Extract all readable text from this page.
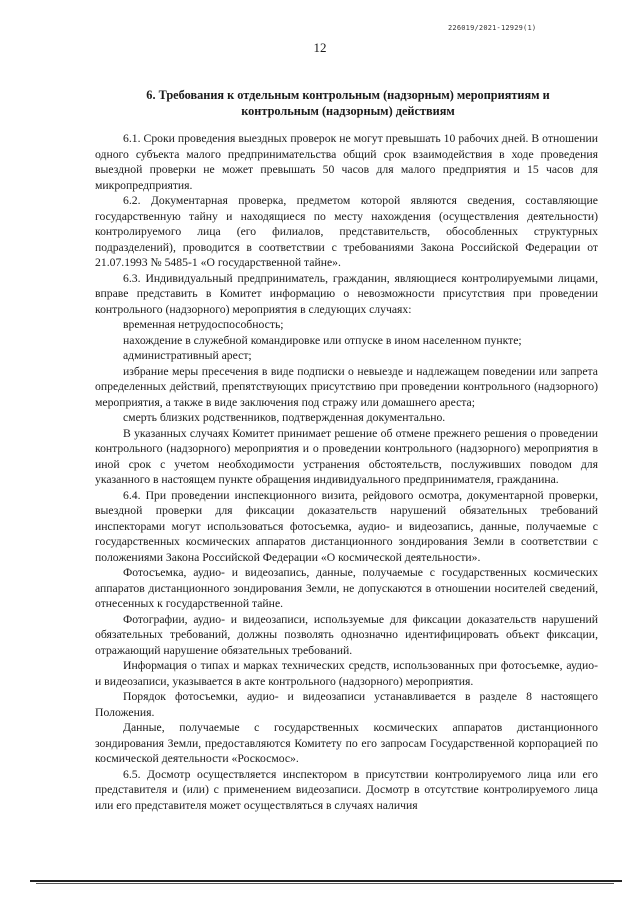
226019/2021-12929(1)
12
6. Требования к отдельным контрольным (надзорным) мероприятиям и
контрольным (надзорным) действиям

6.1. Сроки проведения выездных проверок не могут превышать 10 рабочих дней. В отношении одного субъекта малого предпринимательства общий срок взаимодействия в ходе проведения выездной проверки не может превышать 50 часов для малого предприятия и 15 часов для микропредприятия.

6.2. Документарная проверка, предметом которой являются сведения, составляющие государственную тайну и находящиеся по месту нахождения (осуществления деятельности) контролируемого лица (его филиалов, представительств, обособленных структурных подразделений), проводится в соответствии с требованиями Закона Российской Федерации от 21.07.1993 № 5485-1 «О государственной тайне».

6.3. Индивидуальный предприниматель, гражданин, являющиеся контролируемыми лицами, вправе представить в Комитет информацию о невозможности присутствия при проведении контрольного (надзорного) мероприятия в следующих случаях:

временная нетрудоспособность;

нахождение в служебной командировке или отпуске в ином населенном пункте;

административный арест;

избрание меры пресечения в виде подписки о невыезде и надлежащем поведении или запрета определенных действий, препятствующих присутствию при проведении контрольного (надзорного) мероприятия, а также в виде заключения под стражу или домашнего ареста;

смерть близких родственников, подтвержденная документально.

В указанных случаях Комитет принимает решение об отмене прежнего решения о проведении контрольного (надзорного) мероприятия и о проведении контрольного (надзорного) мероприятия в иной срок с учетом необходимости устранения обстоятельств, послуживших поводом для указанного в настоящем пункте обращения индивидуального предпринимателя, гражданина.

6.4. При проведении инспекционного визита, рейдового осмотра, документарной проверки, выездной проверки для фиксации доказательств нарушений обязательных требований инспекторами могут использоваться фотосъемка, аудио- и видеозапись, данные, получаемые с государственных космических аппаратов дистанционного зондирования Земли в соответствии с положениями Закона Российской Федерации «О космической деятельности».

Фотосъемка, аудио- и видеозапись, данные, получаемые с государственных космических аппаратов дистанционного зондирования Земли, не допускаются в отношении носителей сведений, отнесенных к государственной тайне.

Фотографии, аудио- и видеозаписи, используемые для фиксации доказательств нарушений обязательных требований, должны позволять однозначно идентифицировать объект фиксации, отражающий нарушение обязательных требований.

Информация о типах и марках технических средств, использованных при фотосъемке, аудио- и видеозаписи, указывается в акте контрольного (надзорного) мероприятия.

Порядок фотосъемки, аудио- и видеозаписи устанавливается в разделе 8 настоящего Положения.

Данные, получаемые с государственных космических аппаратов дистанционного зондирования Земли, предоставляются Комитету по его запросам Государственной корпорацией по космической деятельности «Роскосмос».

6.5. Досмотр осуществляется инспектором в присутствии контролируемого лица или его представителя и (или) с применением видеозаписи. Досмотр в отсутствие контролируемого лица или его представителя может осуществляться в случаях наличия
